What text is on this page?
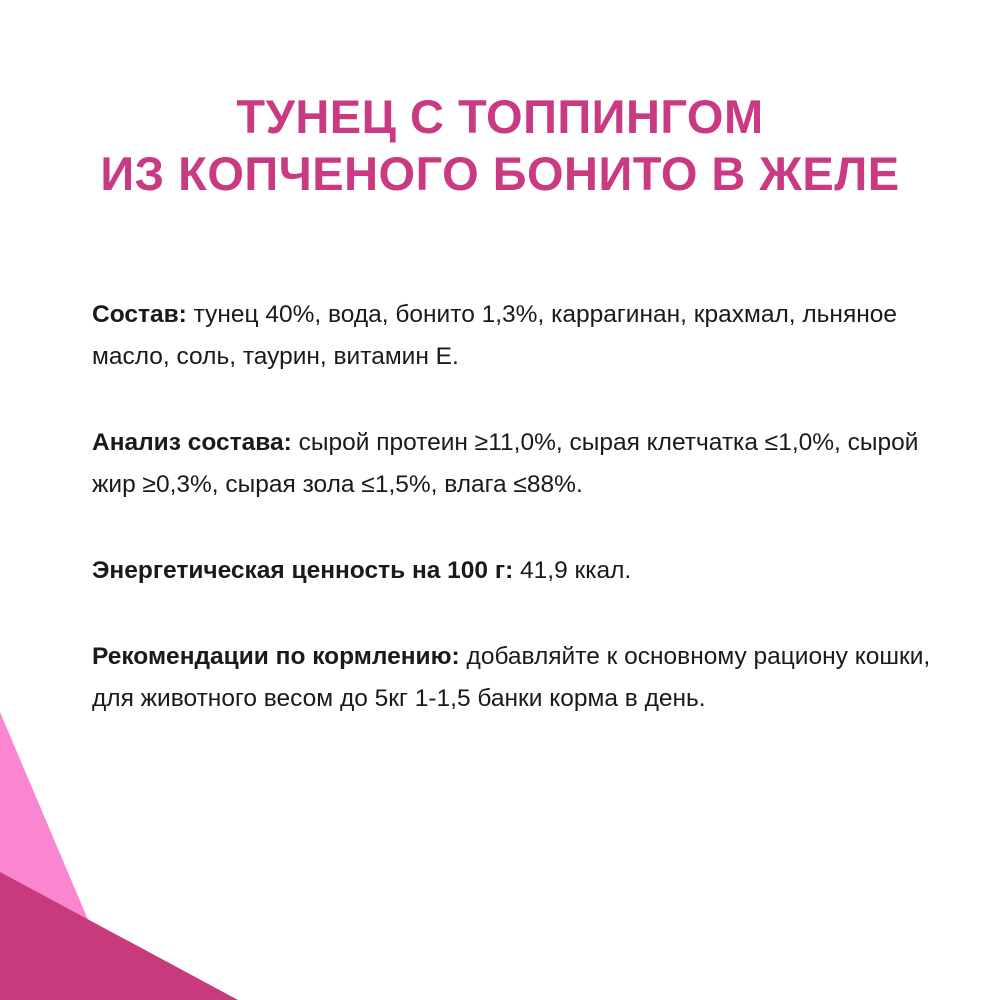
ТУНЕЦ С ТОППИНГОМ
ИЗ КОПЧЕНОГО БОНИТО В ЖЕЛЕ

Состав: тунец 40%, вода, бонито 1,3%, каррагинан, крахмал, льняное масло, соль, таурин, витамин Е.

Анализ состава: сырой протеин ≥11,0%, сырая клетчатка ≤1,0%, сырой жир ≥0,3%, сырая зола ≤1,5%, влага ≤88%.

Энергетическая ценность на 100 г: 41,9 ккал.

Рекомендации по кормлению: добавляйте к основному рациону кошки, для животного весом до 5кг 1-1,5 банки корма в день.
